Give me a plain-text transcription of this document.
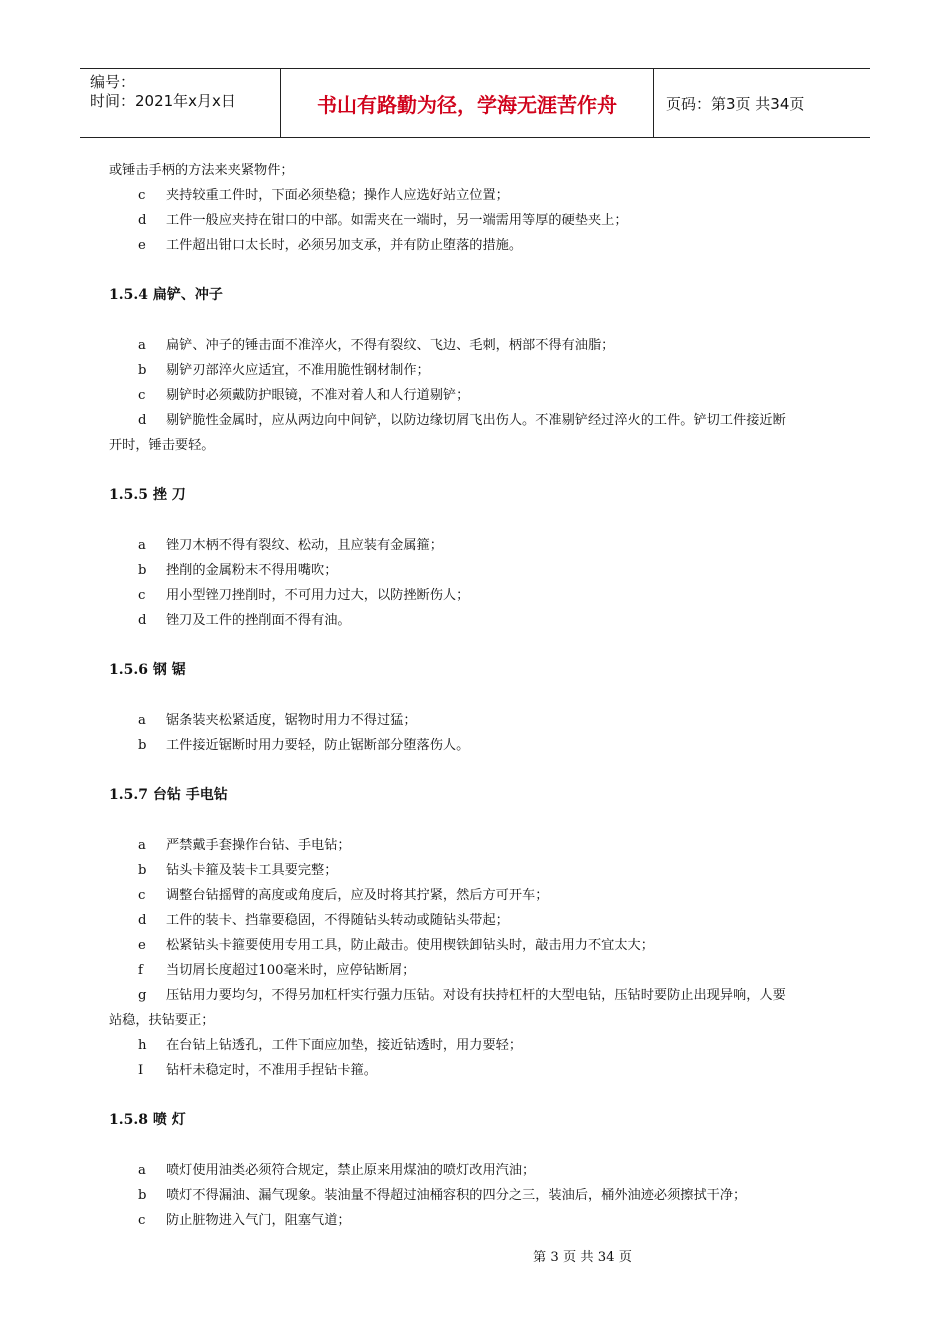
编号：
时间：2021年x月x日	书山有路勤为径，学海无涯苦作舟	页码：第3页 共34页
或锤击手柄的方法来夹紧物件；
c	夹持较重工件时，下面必须垫稳；操作人应选好站立位置；
d	工件一般应夹持在钳口的中部。如需夹在一端时，另一端需用等厚的硬垫夹上；
e	工件超出钳口太长时，必须另加支承，并有防止堕落的措施。
1.5.4 扁铲、冲子
a	扁铲、冲子的锤击面不准淬火，不得有裂纹、飞边、毛刺，柄部不得有油脂；
b	剔铲刃部淬火应适宜，不准用脆性钢材制作；
c	剔铲时必须戴防护眼镜，不准对着人和人行道剔铲；
d	剔铲脆性金属时，应从两边向中间铲，以防边缘切屑飞出伤人。不准剔铲经过淬火的工件。铲切工件接近断
开时，锤击要轻。
1.5.5 挫 刀
a	锉刀木柄不得有裂纹、松动，且应装有金属箍；
b	挫削的金属粉末不得用嘴吹；
c	用小型锉刀挫削时，不可用力过大，以防挫断伤人；
d	锉刀及工件的挫削面不得有油。
1.5.6 钢 锯
a	锯条装夹松紧适度，锯物时用力不得过猛；
b	工件接近锯断时用力要轻，防止锯断部分堕落伤人。
1.5.7 台钻 手电钻
a	严禁戴手套操作台钻、手电钻；
b	钻头卡箍及装卡工具要完整；
c	调整台钻摇臂的高度或角度后，应及时将其拧紧，然后方可开车；
d	工件的装卡、挡靠要稳固，不得随钻头转动或随钻头带起；
e	松紧钻头卡箍要使用专用工具，防止敲击。使用楔铁卸钻头时，敲击用力不宜太大；
f	当切屑长度超过100毫米时，应停钻断屑；
g	压钻用力要均匀，不得另加杠杆实行强力压钻。对设有扶持杠杆的大型电钻，压钻时要防止出现异响，人要
站稳，扶钻要正；
h	在台钻上钻透孔，工件下面应加垫，接近钻透时，用力要轻；
I	钻杆未稳定时，不准用手捏钻卡箍。
1.5.8 喷 灯
a	喷灯使用油类必须符合规定，禁止原来用煤油的喷灯改用汽油；
b	喷灯不得漏油、漏气现象。装油量不得超过油桶容积的四分之三，装油后，桶外油迹必须擦拭干净；
c	防止脏物进入气门，阻塞气道；
第 3 页 共 34 页
